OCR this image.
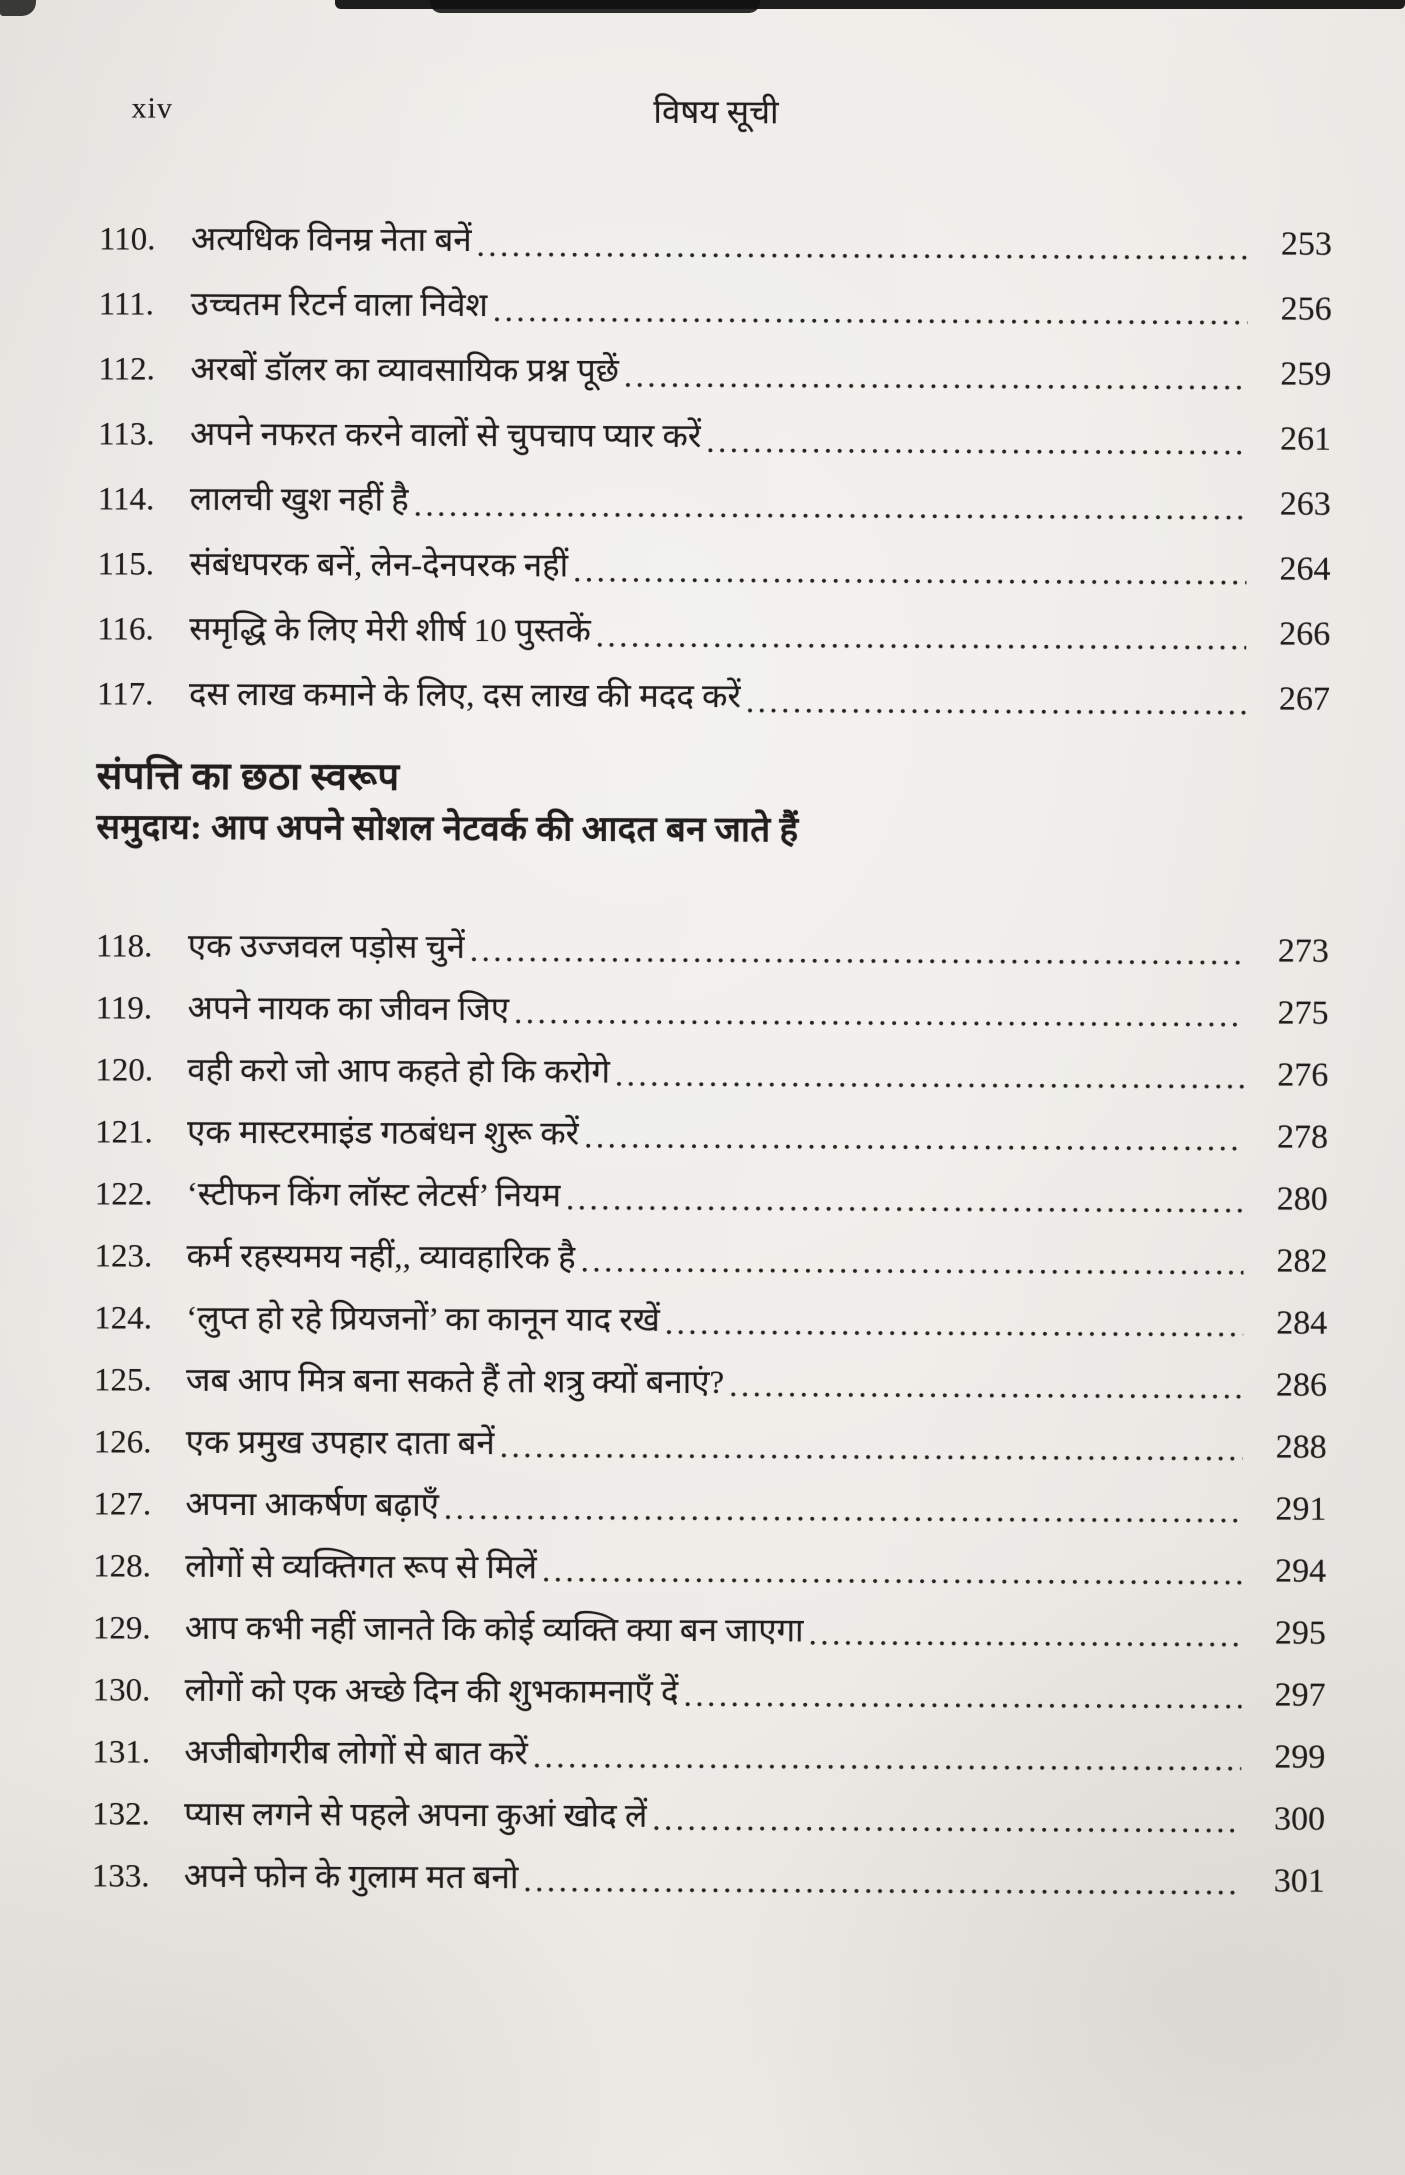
xiv	विषय सूची
110.	अत्यधिक विनम्र नेता बनें .....	253
111.	उच्चतम रिटर्न वाला निवेश .....	256
112.	अरबों डॉलर का व्यावसायिक प्रश्न पूछें .....	259
113.	अपने नफरत करने वालों से चुपचाप प्यार करें .....	261
114.	लालची खुश नहीं है .....	263
115.	संबंधपरक बनें, लेन-देनपरक नहीं .....	264
116.	समृद्धि के लिए मेरी शीर्ष 10 पुस्तकें .....	266
117.	दस लाख कमाने के लिए, दस लाख की मदद करें .....	267
संपत्ति का छठा स्वरूप
समुदाय: आप अपने सोशल नेटवर्क की आदत बन जाते हैं
118.	एक उज्जवल पड़ोस चुनें .....	273
119.	अपने नायक का जीवन जिए .....	275
120.	वही करो जो आप कहते हो कि करोगे .....	276
121.	एक मास्टरमाइंड गठबंधन शुरू करें .....	278
122.	‘स्टीफन किंग लॉस्ट लेटर्स’ नियम .....	280
123.	कर्म रहस्यमय नहीं,, व्यावहारिक है .....	282
124.	‘लुप्त हो रहे प्रियजनों’ का कानून याद रखें .....	284
125.	जब आप मित्र बना सकते हैं तो शत्रु क्यों बनाएं? .....	286
126.	एक प्रमुख उपहार दाता बनें .....	288
127.	अपना आकर्षण बढ़ाएँ .....	291
128.	लोगों से व्यक्तिगत रूप से मिलें .....	294
129.	आप कभी नहीं जानते कि कोई व्यक्ति क्या बन जाएगा .....	295
130.	लोगों को एक अच्छे दिन की शुभकामनाएँ दें .....	297
131.	अजीबोगरीब लोगों से बात करें .....	299
132.	प्यास लगने से पहले अपना कुआं खोद लें .....	300
133.	अपने फोन के गुलाम मत बनो .....	301
